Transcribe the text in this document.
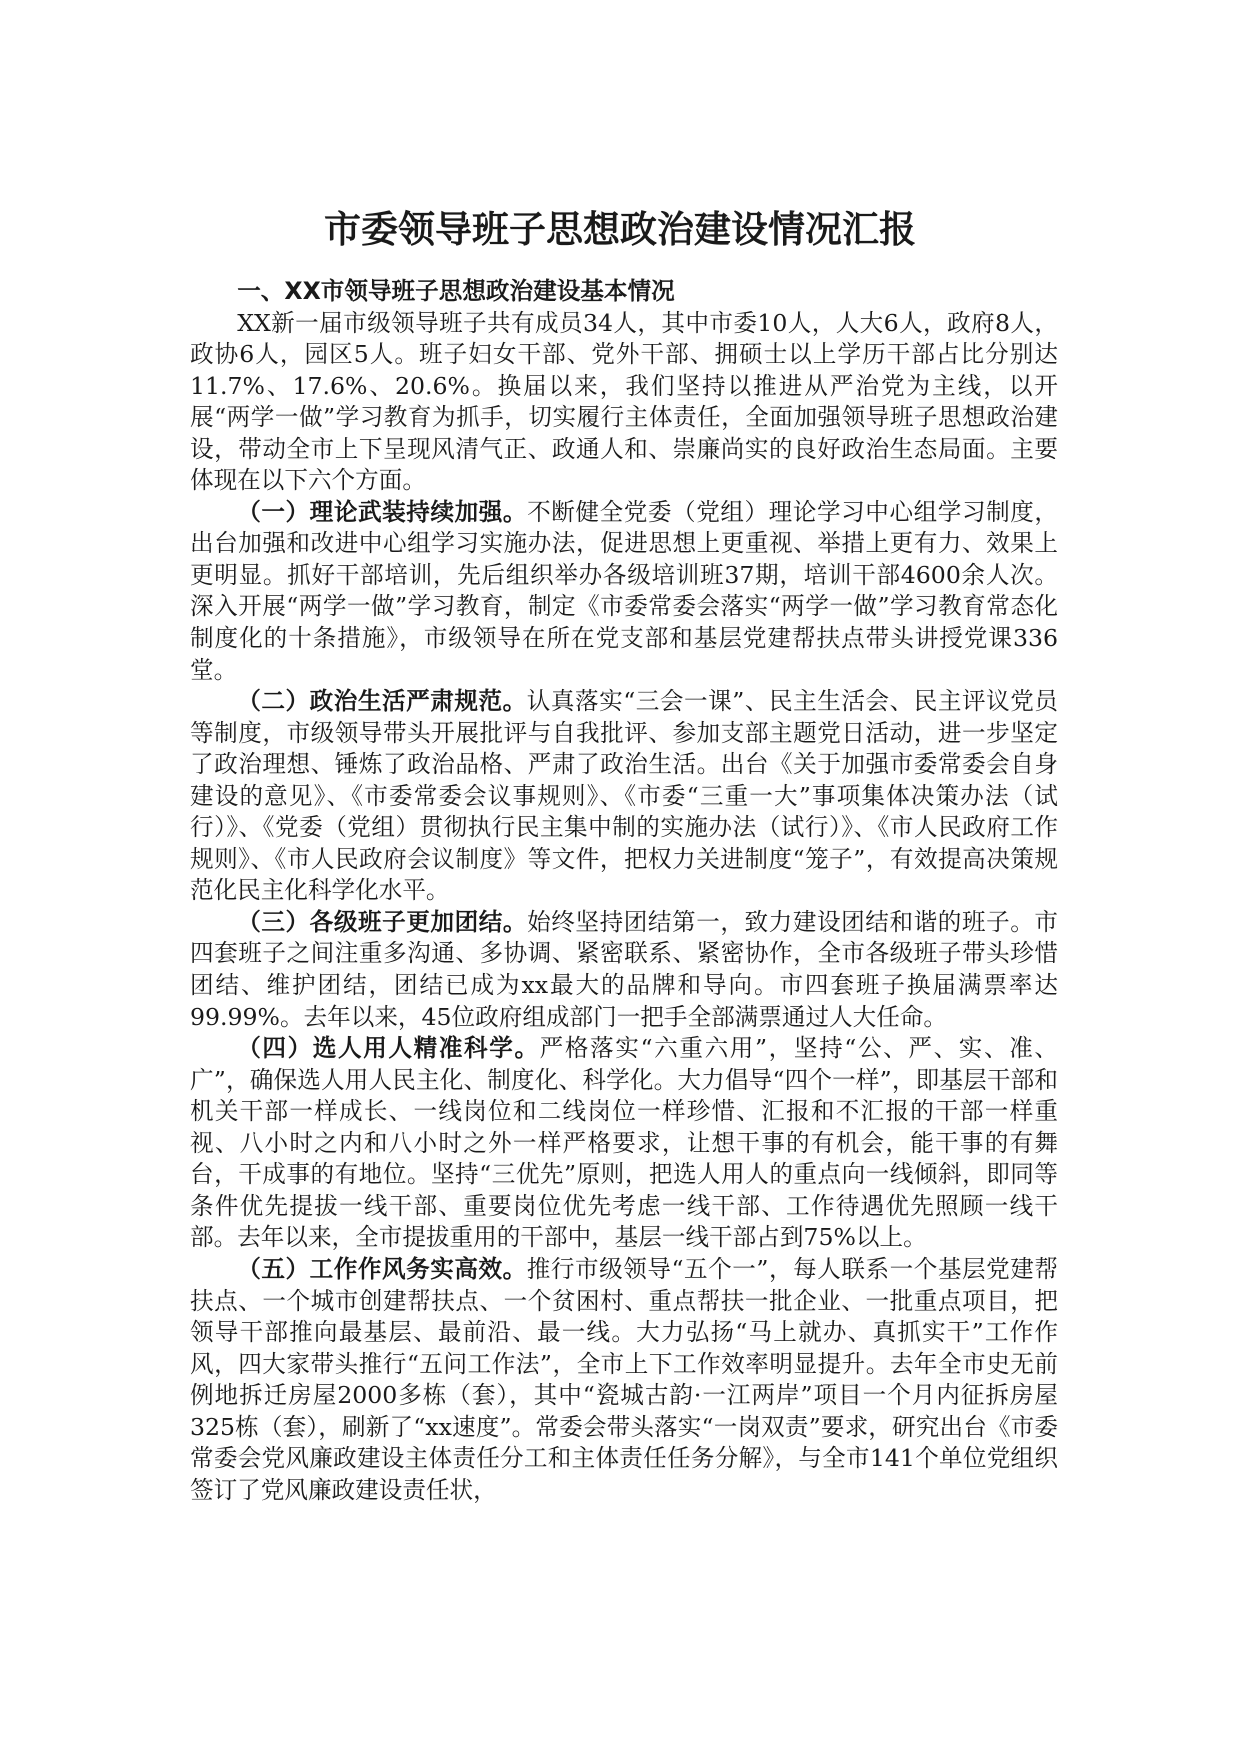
市委领导班子思想政治建设情况汇报
一、XX市领导班子思想政治建设基本情况

XX新一届市级领导班子共有成员34人，其中市委10人，人大6人，政府8人，政协6人，园区5人。班子妇女干部、党外干部、拥硕士以上学历干部占比分别达11.7%、17.6%、20.6%。换届以来，我们坚持以推进从严治党为主线，以开展“两学一做”学习教育为抓手，切实履行主体责任，全面加强领导班子思想政治建设，带动全市上下呈现风清气正、政通人和、崇廉尚实的良好政治生态局面。主要体现在以下六个方面。

（一）理论武装持续加强。不断健全党委（党组）理论学习中心组学习制度，出台加强和改进中心组学习实施办法，促进思想上更重视、举措上更有力、效果上更明显。抓好干部培训，先后组织举办各级培训班37期，培训干部4600余人次。深入开展“两学一做”学习教育，制定《市委常委会落实“两学一做”学习教育常态化制度化的十条措施》，市级领导在所在党支部和基层党建帮扶点带头讲授党课336堂。

（二）政治生活严肃规范。认真落实“三会一课”、民主生活会、民主评议党员等制度，市级领导带头开展批评与自我批评、参加支部主题党日活动，进一步坚定了政治理想、锤炼了政治品格、严肃了政治生活。出台《关于加强市委常委会自身建设的意见》、《市委常委会议事规则》、《市委“三重一大”事项集体决策办法（试行）》、《党委（党组）贯彻执行民主集中制的实施办法（试行）》、《市人民政府工作规则》、《市人民政府会议制度》等文件，把权力关进制度“笼子”，有效提高决策规范化民主化科学化水平。

（三）各级班子更加团结。始终坚持团结第一，致力建设团结和谐的班子。市四套班子之间注重多沟通、多协调、紧密联系、紧密协作，全市各级班子带头珍惜团结、维护团结，团结已成为xx最大的品牌和导向。市四套班子换届满票率达99.99%。去年以来，45位政府组成部门一把手全部满票通过人大任命。

（四）选人用人精准科学。严格落实“六重六用”，坚持“公、严、实、准、广”，确保选人用人民主化、制度化、科学化。大力倡导“四个一样”，即基层干部和机关干部一样成长、一线岗位和二线岗位一样珍惜、汇报和不汇报的干部一样重视、八小时之内和八小时之外一样严格要求，让想干事的有机会，能干事的有舞台，干成事的有地位。坚持“三优先”原则，把选人用人的重点向一线倾斜，即同等条件优先提拔一线干部、重要岗位优先考虑一线干部、工作待遇优先照顾一线干部。去年以来，全市提拔重用的干部中，基层一线干部占到75%以上。

（五）工作作风务实高效。推行市级领导“五个一”，每人联系一个基层党建帮扶点、一个城市创建帮扶点、一个贫困村、重点帮扶一批企业、一批重点项目，把领导干部推向最基层、最前沿、最一线。大力弘扬“马上就办、真抓实干”工作作风，四大家带头推行“五问工作法”，全市上下工作效率明显提升。去年全市史无前例地拆迁房屋2000多栋（套），其中“瓷城古韵·一江两岸”项目一个月内征拆房屋325栋（套），刷新了“xx速度”。常委会带头落实“一岗双责”要求，研究出台《市委常委会党风廉政建设主体责任分工和主体责任任务分解》，与全市141个单位党组织签订了党风廉政建设责任状，
